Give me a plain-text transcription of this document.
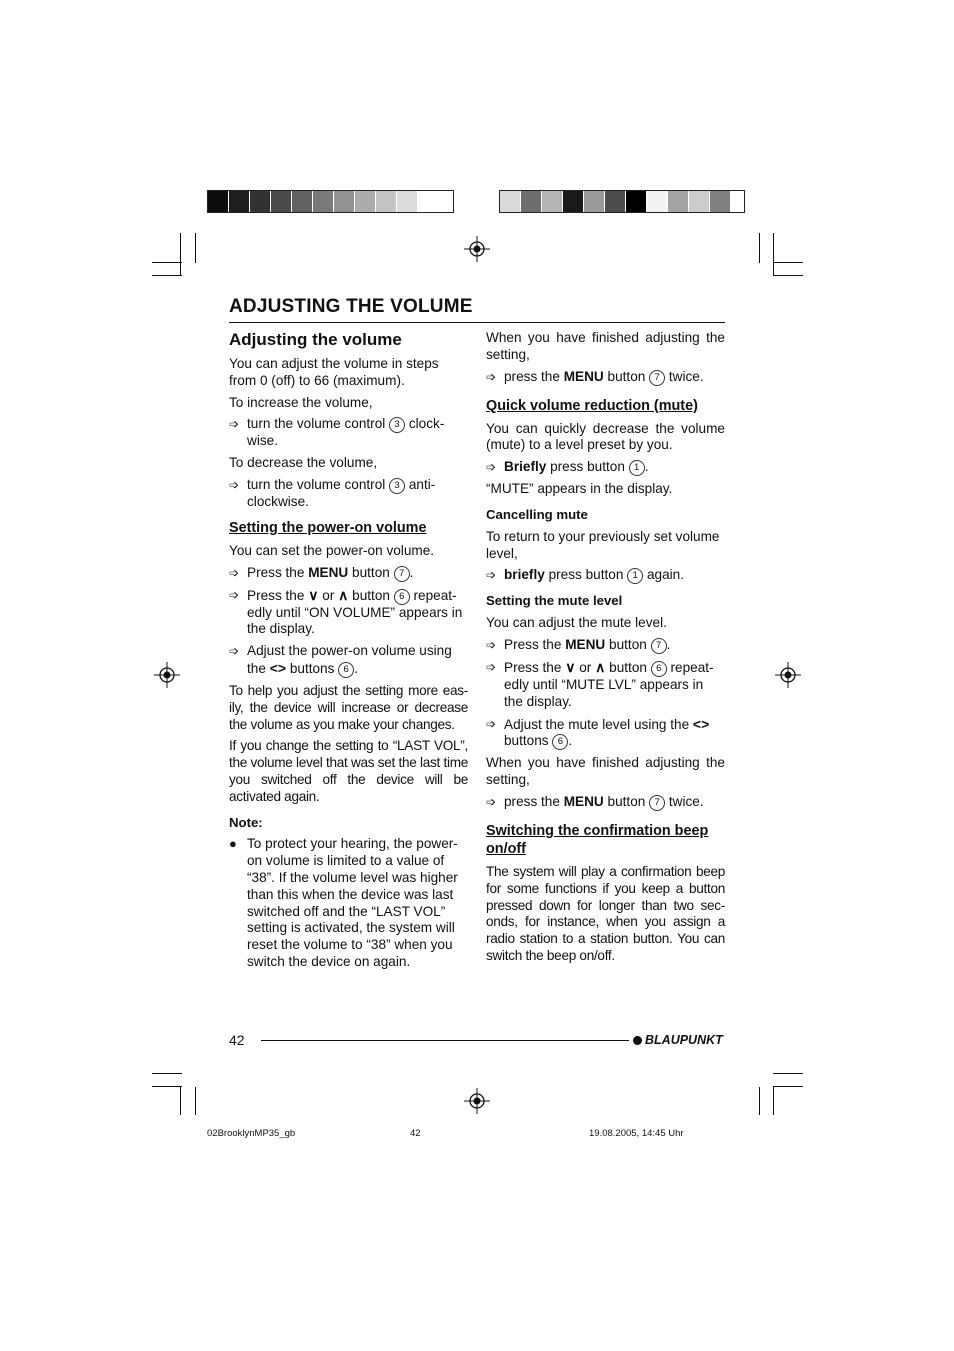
ADJUSTING THE VOLUME

Adjusting the volume

You can adjust the volume in steps from 0 (off) to 66 (maximum).

To increase the volume,

➩ turn the volume control 3 clock-wise.

To decrease the volume,

➩ turn the volume control 3 anti-clockwise.

Setting the power-on volume

You can set the power-on volume.

➩ Press the MENU button 7 .
➩ Press the ∨ or ∧ button 6 repeat-edly until “ON VOLUME” appears in the display.
➩ Adjust the power-on volume using the <> buttons 6 .

To help you adjust the setting more eas-ily, the device will increase or decrease the volume as you make your changes.

If you change the setting to “LAST VOL”, the volume level that was set the last time you switched off the device will be activated again.

Note:

● To protect your hearing, the power-on volume is limited to a value of “38”. If the volume level was higher than this when the device was last switched off and the “LAST VOL” setting is activated, the system will reset the volume to “38” when you switch the device on again.

When you have finished adjusting the setting,

➩ press the MENU button 7 twice.

Quick volume reduction (mute)

You can quickly decrease the volume (mute) to a level preset by you.

➩ Briefly press button 1 .

“MUTE” appears in the display.

Cancelling mute

To return to your previously set volume level,

➩ briefly press button 1 again.

Setting the mute level

You can adjust the mute level.

➩ Press the MENU button 7 .
➩ Press the ∨ or ∧ button 6 repeat-edly until “MUTE LVL” appears in the display.
➩ Adjust the mute level using the <> buttons 6 .

When you have finished adjusting the setting,

➩ press the MENU button 7 twice.

Switching the confirmation beep on/off

The system will play a confirmation beep for some functions if you keep a button pressed down for longer than two sec-onds, for instance, when you assign a radio station to a station button. You can switch the beep on/off.

42	BLAUPUNKT
02BrooklynMP35_gb	42	19.08.2005, 14:45 Uhr
